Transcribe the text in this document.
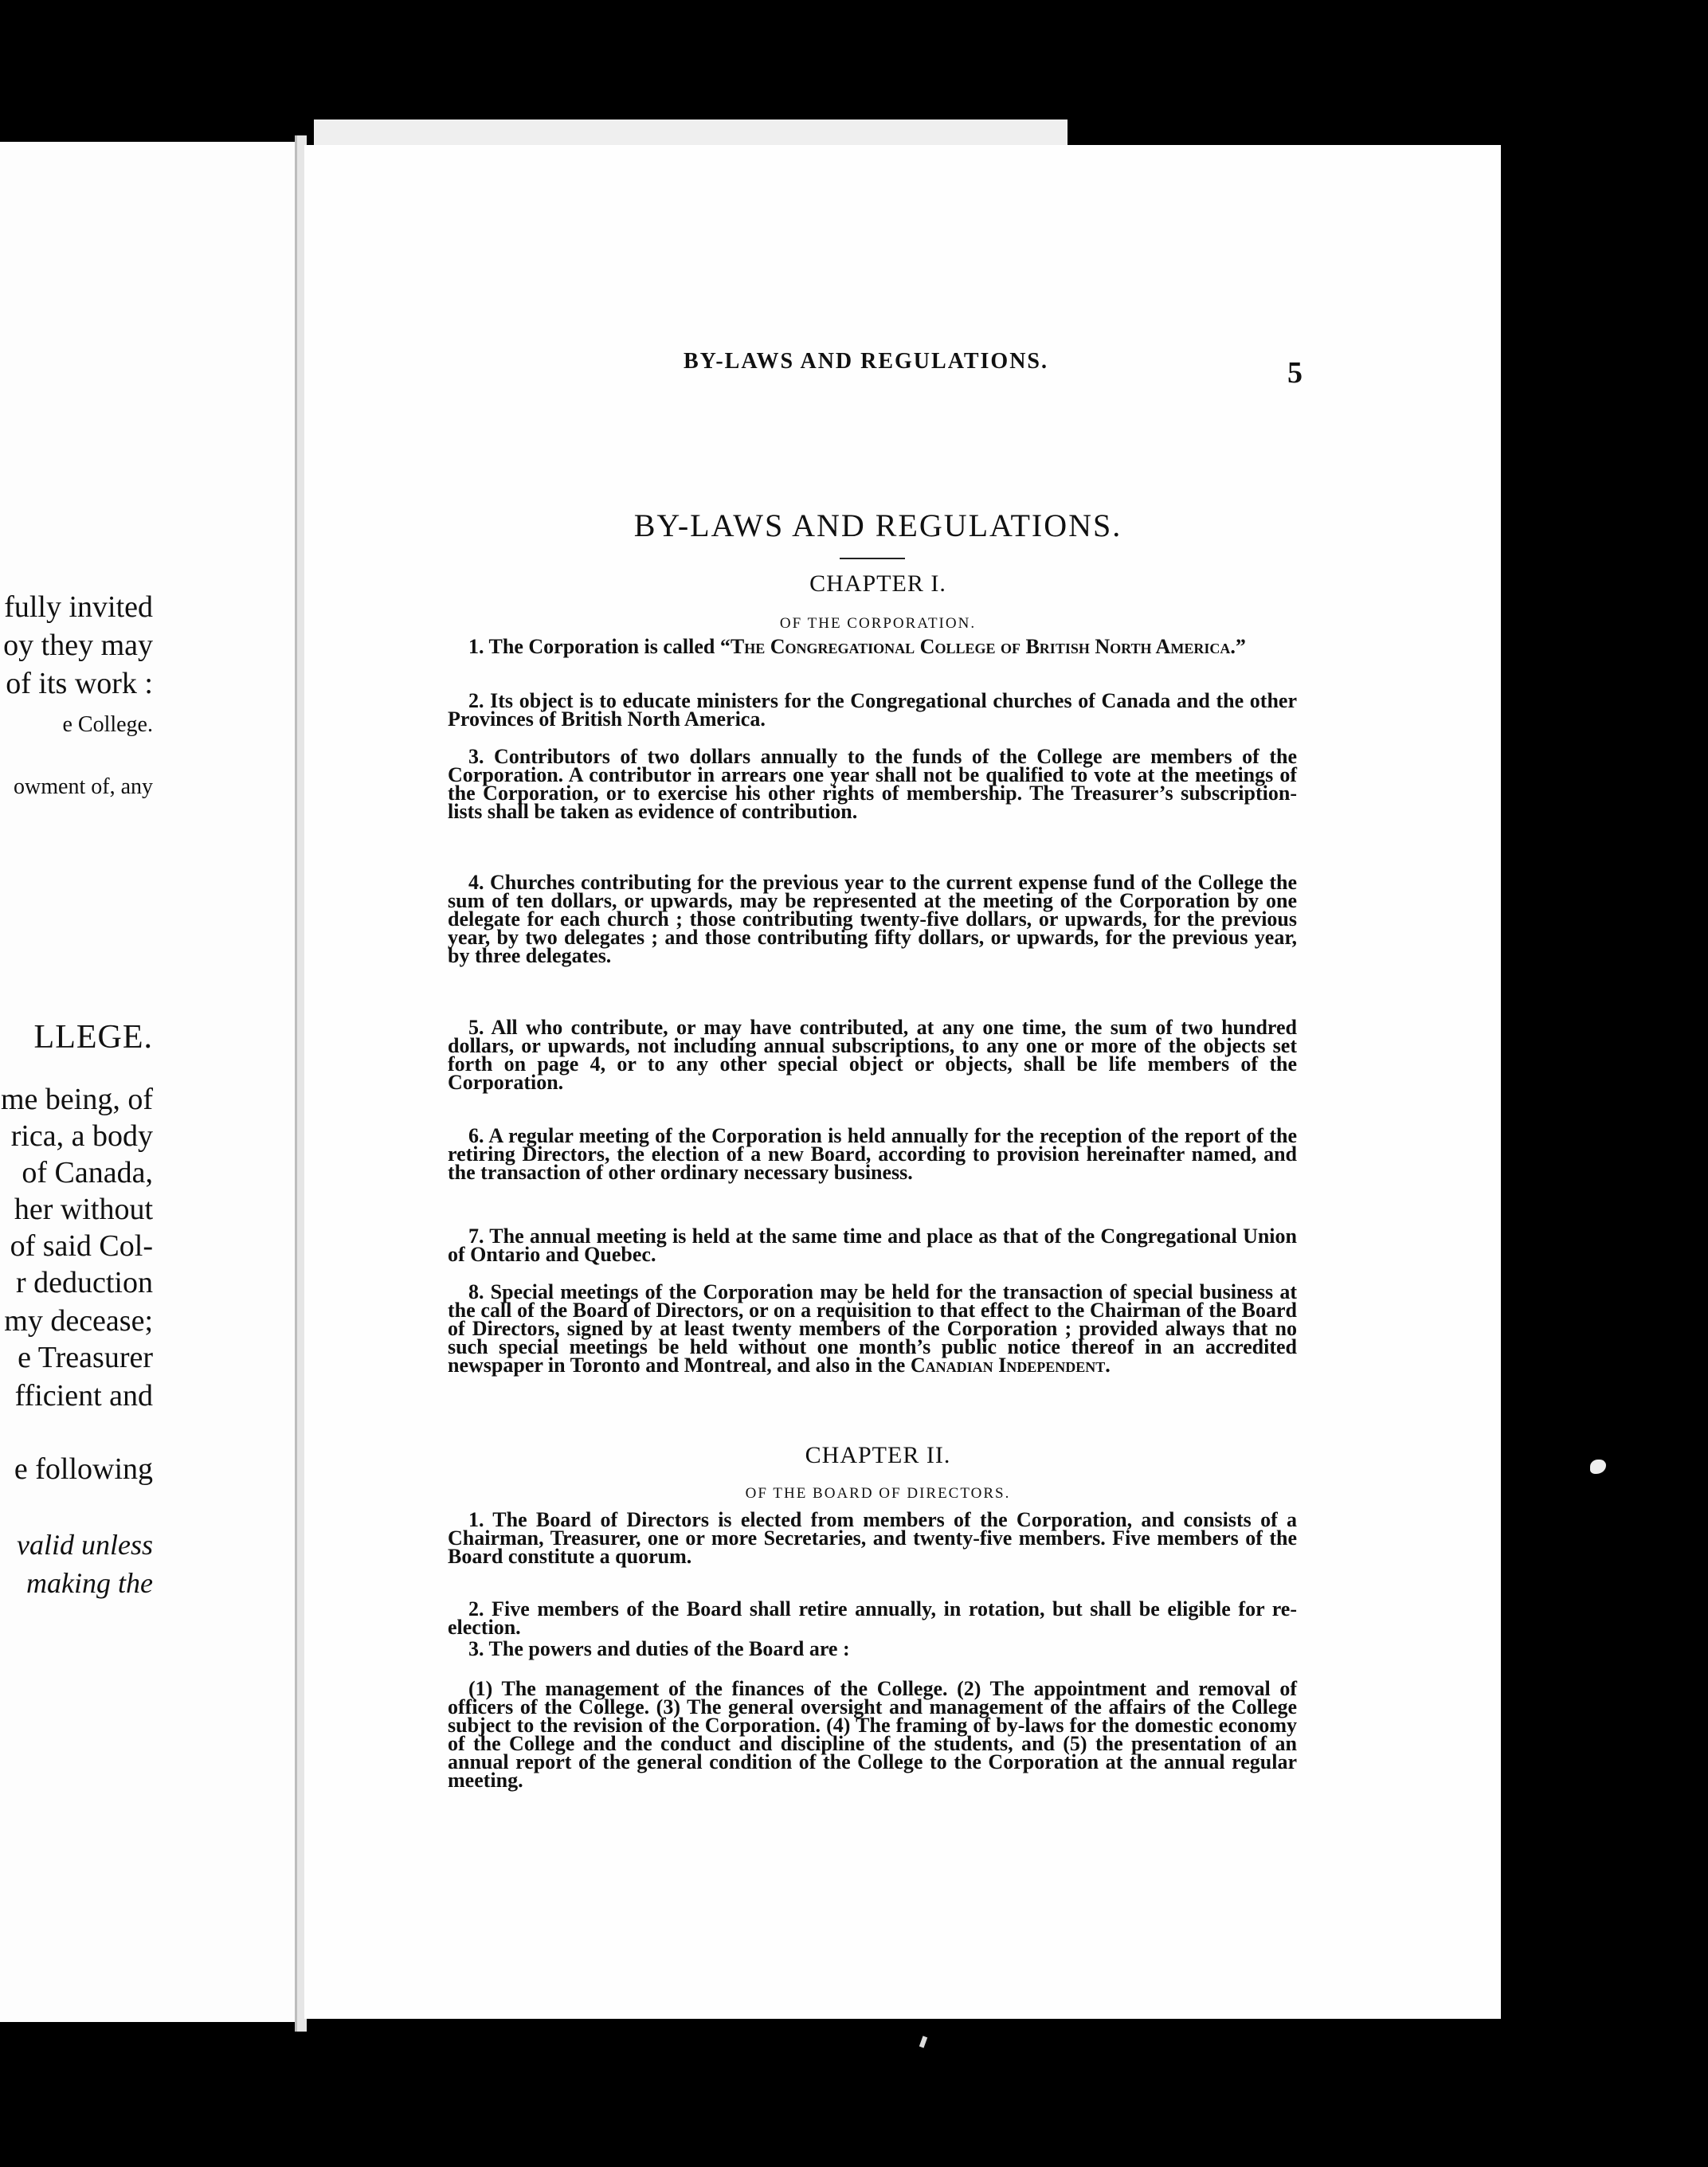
fully invited
oy they may
of its work :
e College.
owment of, any
LLEGE.
me being, of
rica, a body
of Canada,
her without
of said Col-
r deduction
my decease;
e Treasurer
fficient and
e following
valid unless
making the
BY-LAWS AND REGULATIONS.	5
BY-LAWS AND REGULATIONS.
CHAPTER I.
OF THE CORPORATION.

1. The Corporation is called “The Congregational College of British North America.”

2. Its object is to educate ministers for the Congregational churches of Canada and the other Provinces of British North America.

3. Contributors of two dollars annually to the funds of the College are members of the Corporation. A contributor in arrears one year shall not be qualified to vote at the meetings of the Corporation, or to exercise his other rights of membership. The Treasurer’s subscription-lists shall be taken as evidence of contribution.

4. Churches contributing for the previous year to the current expense fund of the College the sum of ten dollars, or upwards, may be represented at the meeting of the Corporation by one delegate for each church ; those contributing twenty-five dollars, or upwards, for the previous year, by two delegates ; and those contributing fifty dollars, or upwards, for the previous year, by three delegates.

5. All who contribute, or may have contributed, at any one time, the sum of two hundred dollars, or upwards, not including annual subscriptions, to any one or more of the objects set forth on page 4, or to any other special object or objects, shall be life members of the Corporation.

6. A regular meeting of the Corporation is held annually for the reception of the report of the retiring Directors, the election of a new Board, according to provision hereinafter named, and the transaction of other ordinary necessary business.

7. The annual meeting is held at the same time and place as that of the Congregational Union of Ontario and Quebec.

8. Special meetings of the Corporation may be held for the transaction of special business at the call of the Board of Directors, or on a requisition to that effect to the Chairman of the Board of Directors, signed by at least twenty members of the Corporation ; provided always that no such special meetings be held without one month’s public notice thereof in an accredited newspaper in Toronto and Montreal, and also in the Canadian Independent.

CHAPTER II.
OF THE BOARD OF DIRECTORS.

1. The Board of Directors is elected from members of the Corporation, and consists of a Chairman, Treasurer, one or more Secretaries, and twenty-five members. Five members of the Board constitute a quorum.

2. Five members of the Board shall retire annually, in rotation, but shall be eligible for re-election.

3. The powers and duties of the Board are :

(1) The management of the finances of the College. (2) The appointment and removal of officers of the College. (3) The general oversight and management of the affairs of the College subject to the revision of the Corporation. (4) The framing of by-laws for the domestic economy of the College and the conduct and discipline of the students, and (5) the presentation of an annual report of the general condition of the College to the Corporation at the annual regular meeting.
